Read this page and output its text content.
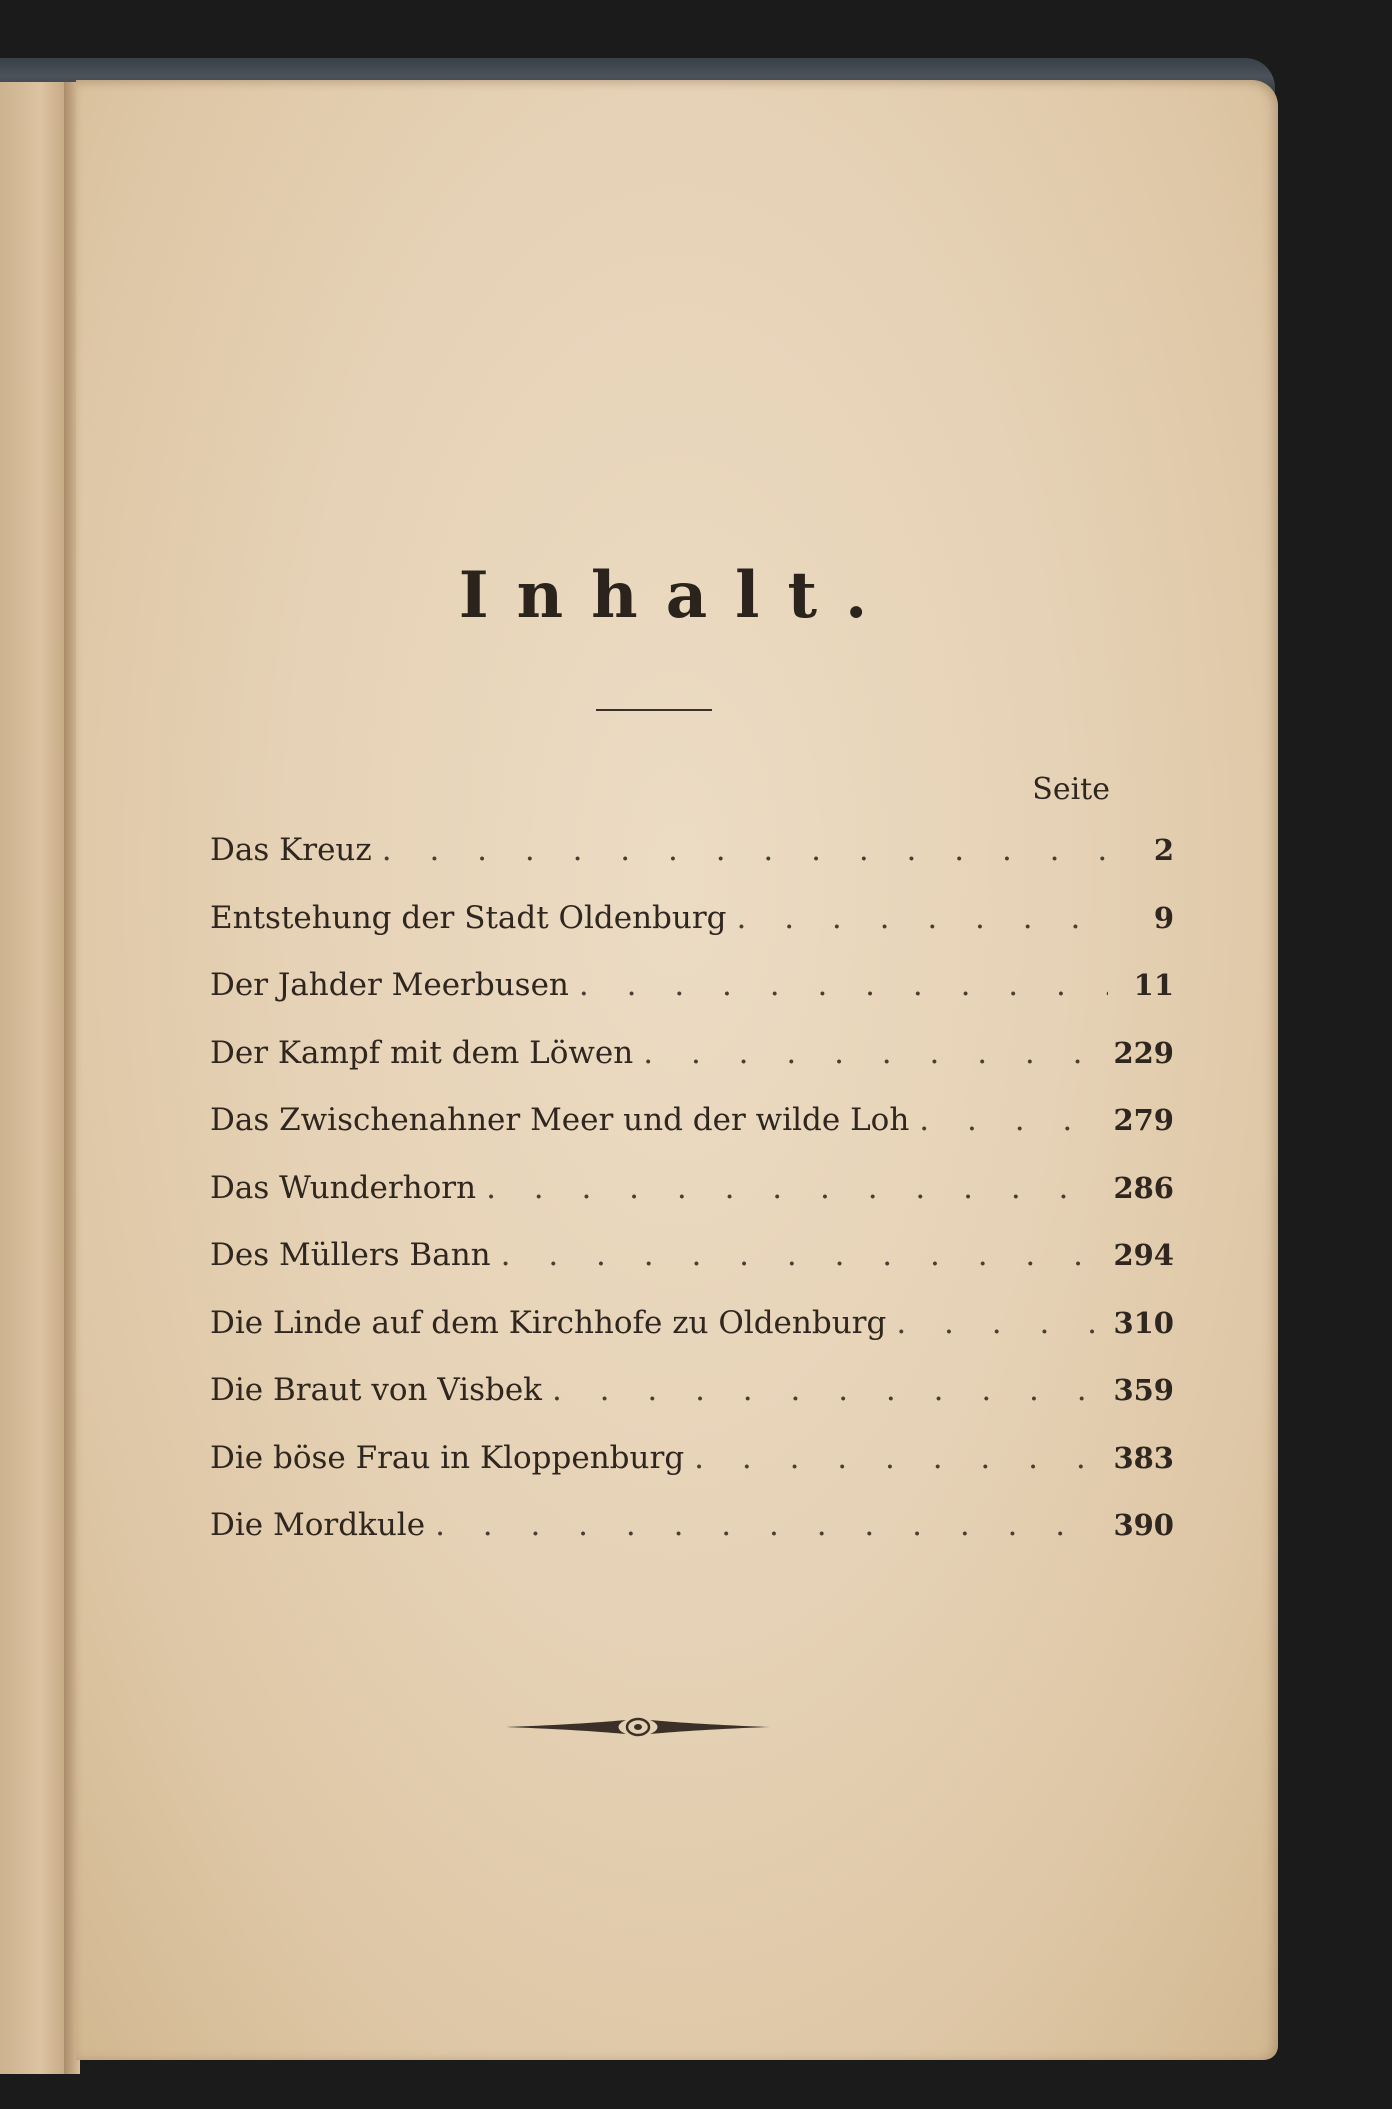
Inhalt.
Seite
Das Kreuz . . .	2
Entstehung der Stadt Oldenburg . . .	9
Der Jahder Meerbusen . . .	11
Der Kampf mit dem Löwen . . .	229
Das Zwischenahner Meer und der wilde Loh . . .	279
Das Wunderhorn . . .	286
Des Müllers Bann . . .	294
Die Linde auf dem Kirchhofe zu Oldenburg . . .	310
Die Braut von Visbek . . .	359
Die böse Frau in Kloppenburg . . .	383
Die Mordkule . . .	390
